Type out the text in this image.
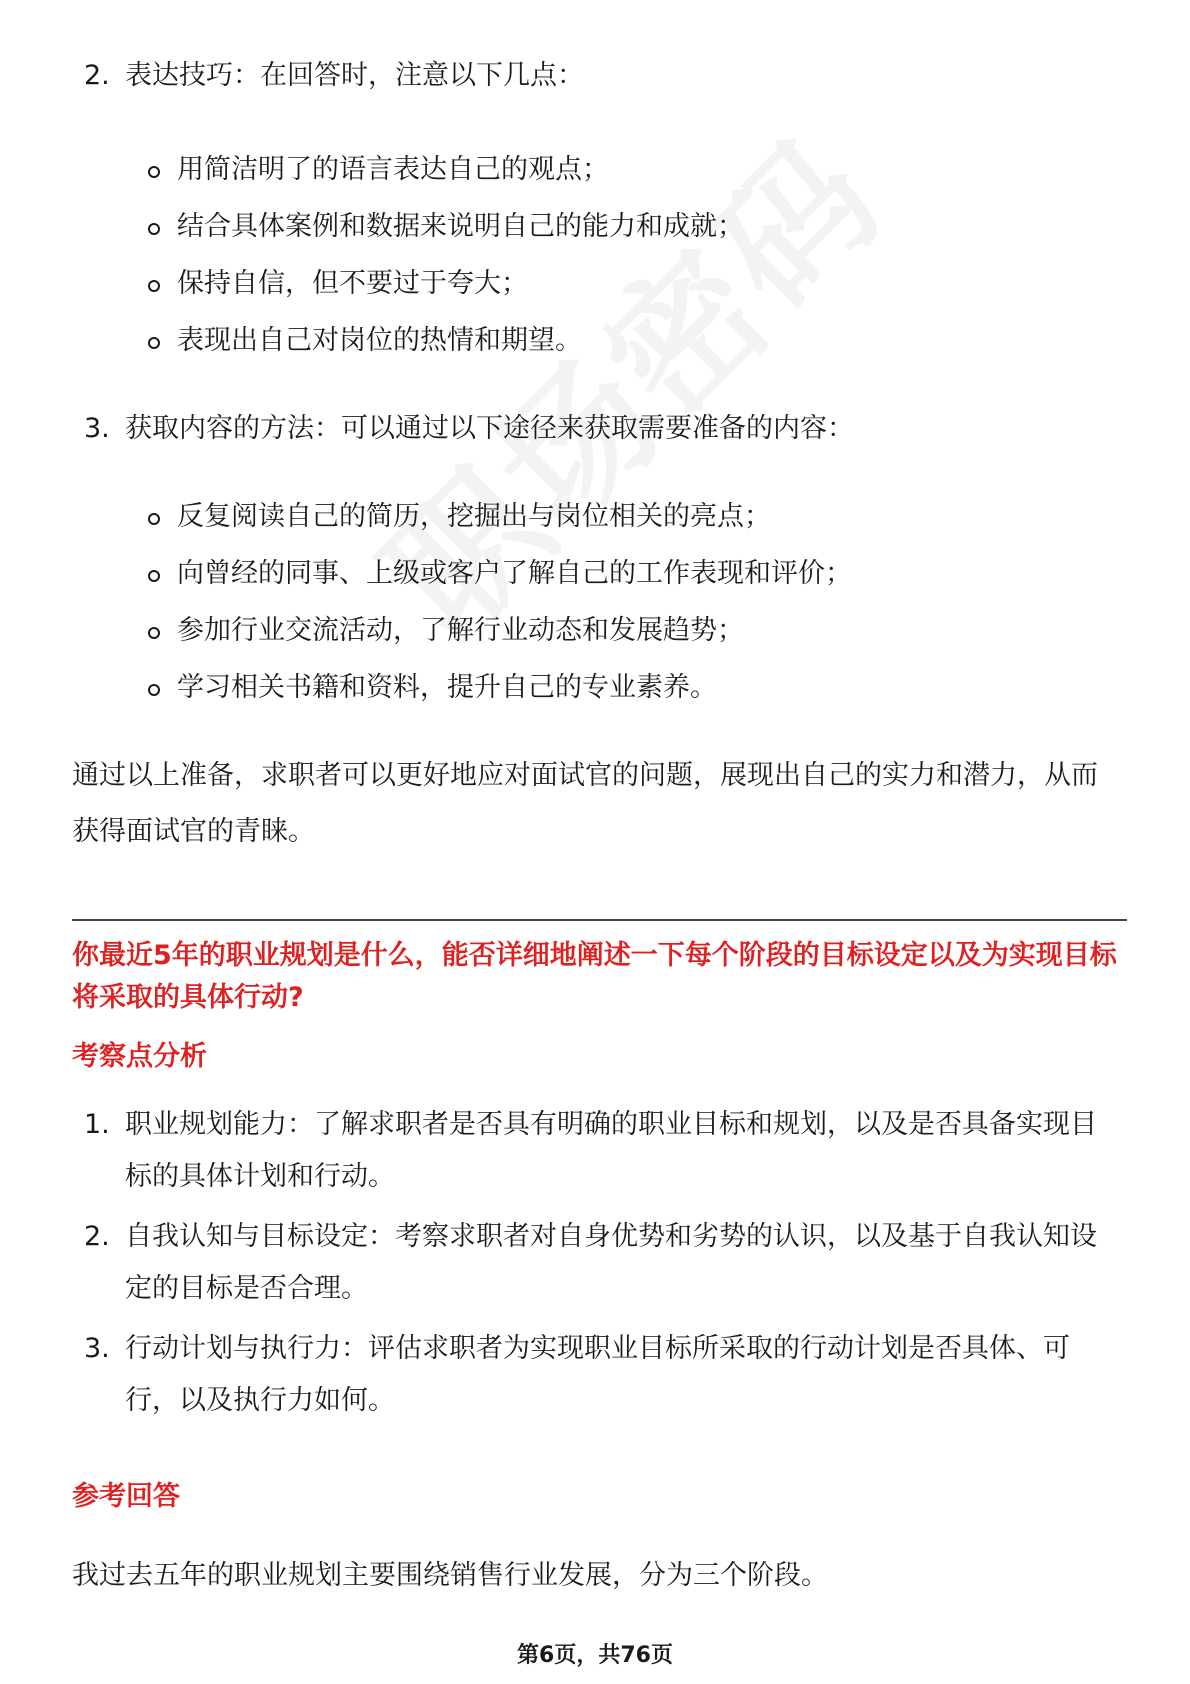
2. 表达技巧：在回答时，注意以下几点：
用简洁明了的语言表达自己的观点；
结合具体案例和数据来说明自己的能力和成就；
保持自信，但不要过于夸大；
表现出自己对岗位的热情和期望。
3. 获取内容的方法：可以通过以下途径来获取需要准备的内容：
反复阅读自己的简历，挖掘出与岗位相关的亮点；
向曾经的同事、上级或客户了解自己的工作表现和评价；
参加行业交流活动，了解行业动态和发展趋势；
学习相关书籍和资料，提升自己的专业素养。
通过以上准备，求职者可以更好地应对面试官的问题，展现出自己的实力和潜力，从而获得面试官的青睐。
你最近5年的职业规划是什么，能否详细地阐述一下每个阶段的目标设定以及为实现目标将采取的具体行动?
考察点分析
1. 职业规划能力：了解求职者是否具有明确的职业目标和规划，以及是否具备实现目标的具体计划和行动。
2. 自我认知与目标设定：考察求职者对自身优势和劣势的认识，以及基于自我认知设定的目标是否合理。
3. 行动计划与执行力：评估求职者为实现职业目标所采取的行动计划是否具体、可行，以及执行力如何。
参考回答
我过去五年的职业规划主要围绕销售行业发展，分为三个阶段。
第6页，共76页
